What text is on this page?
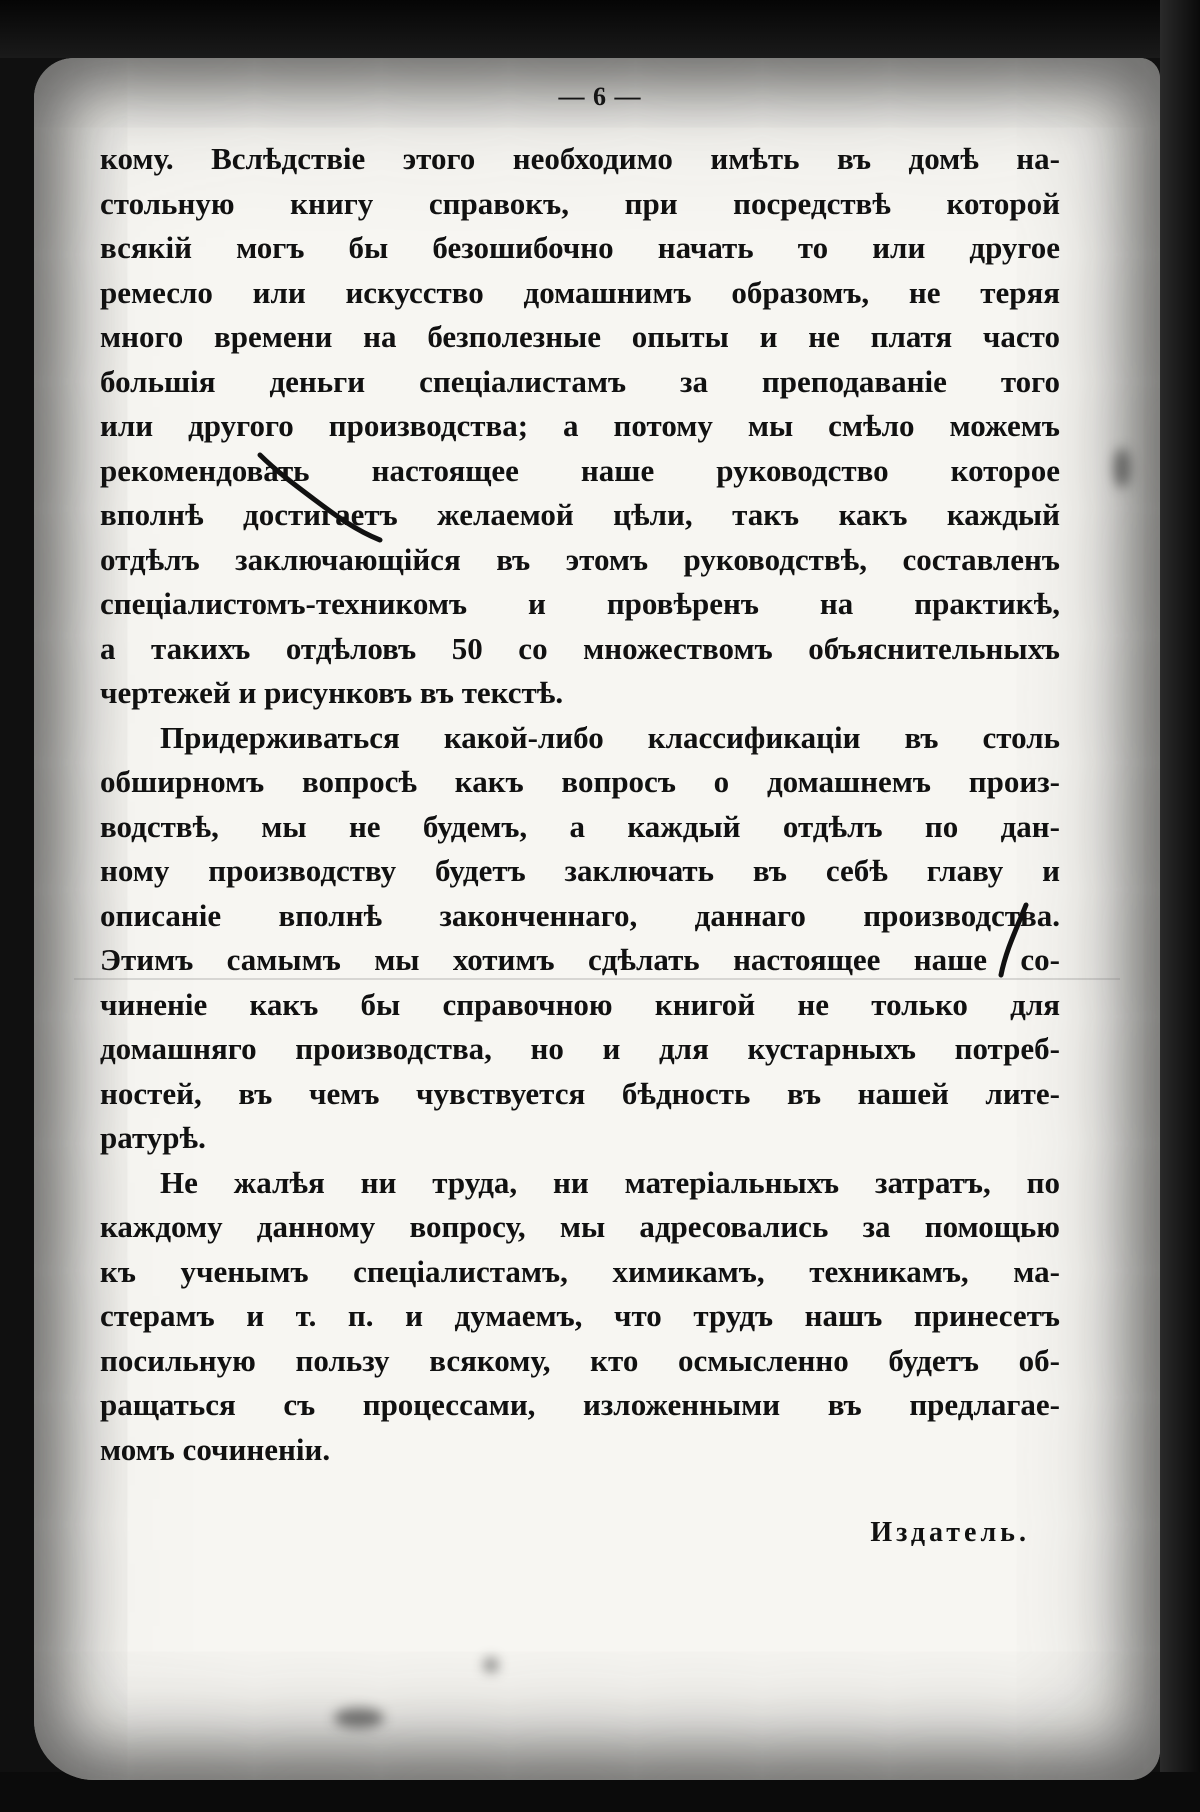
— 6 —

кому. Вслѣдствіе этого необходимо имѣть въ домѣ на-
стольную книгу справокъ, при посредствѣ которой
всякій могъ бы безошибочно начать то или другое
ремесло или искусство домашнимъ образомъ, не теряя
много времени на безполезные опыты и не платя часто
большія деньги спеціалистамъ за преподаваніе того
или другого производства; а потому мы смѣло можемъ
рекомендовать настоящее наше руководство которое
вполнѣ достигаетъ желаемой цѣли, такъ какъ каждый
отдѣлъ заключающійся въ этомъ руководствѣ, составленъ
спеціалистомъ-техникомъ и провѣренъ на практикѣ,
а такихъ отдѣловъ 50 со множествомъ объяснительныхъ
чертежей и рисунковъ въ текстѣ.

Придерживаться какой-либо классификаціи въ столь
обширномъ вопросѣ какъ вопросъ о домашнемъ произ-
водствѣ, мы не будемъ, а каждый отдѣлъ по дан-
ному производству будетъ заключать въ себѣ главу и
описаніе вполнѣ законченнаго, даннаго производства.
Этимъ самымъ мы хотимъ сдѣлать настоящее наше со-
чиненіе какъ бы справочною книгой не только для
домашняго производства, но и для кустарныхъ потреб-
ностей, въ чемъ чувствуется бѣдность въ нашей лите-
ратурѣ.

Не жалѣя ни труда, ни матеріальныхъ затратъ, по
каждому данному вопросу, мы адресовались за помощью
къ ученымъ спеціалистамъ, химикамъ, техникамъ, ма-
стерамъ и т. п. и думаемъ, что трудъ нашъ принесетъ
посильную пользу всякому, кто осмысленно будетъ об-
ращаться съ процессами, изложенными въ предлагае-
момъ сочиненіи.

Издатель.
